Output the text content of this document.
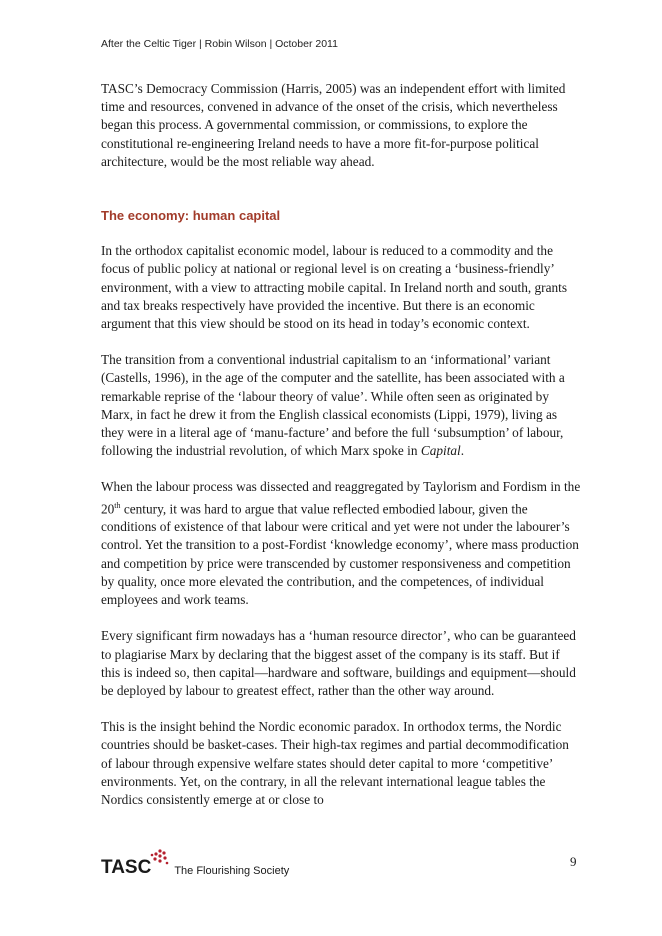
After the Celtic Tiger | Robin Wilson | October 2011

TASC’s Democracy Commission (Harris, 2005) was an independent effort with limited time and resources, convened in advance of the onset of the crisis, which nevertheless began this process. A governmental commission, or commissions, to explore the constitutional re-engineering Ireland needs to have a more fit-for-purpose political architecture, would be the most reliable way ahead.

The economy: human capital

In the orthodox capitalist economic model, labour is reduced to a commodity and the focus of public policy at national or regional level is on creating a ‘business-friendly’ environment, with a view to attracting mobile capital. In Ireland north and south, grants and tax breaks respectively have provided the incentive. But there is an economic argument that this view should be stood on its head in today’s economic context.

The transition from a conventional industrial capitalism to an ‘informational’ variant (Castells, 1996), in the age of the computer and the satellite, has been associated with a remarkable reprise of the ‘labour theory of value’. While often seen as originated by Marx, in fact he drew it from the English classical economists (Lippi, 1979), living as they were in a literal age of ‘manu-facture’ and before the full ‘subsumption’ of labour, following the industrial revolution, of which Marx spoke in Capital.

When the labour process was dissected and reaggregated by Taylorism and Fordism in the 20th century, it was hard to argue that value reflected embodied labour, given the conditions of existence of that labour were critical and yet were not under the labourer’s control. Yet the transition to a post-Fordist ‘knowledge economy’, where mass production and competition by price were transcended by customer responsiveness and competition by quality, once more elevated the contribution, and the competences, of individual employees and work teams.

Every significant firm nowadays has a ‘human resource director’, who can be guaranteed to plagiarise Marx by declaring that the biggest asset of the company is its staff. But if this is indeed so, then capital—hardware and software, buildings and equipment—should be deployed by labour to greatest effect, rather than the other way around.

This is the insight behind the Nordic economic paradox. In orthodox terms, the Nordic countries should be basket-cases. Their high-tax regimes and partial decommodification of labour through expensive welfare states should deter capital to more ‘competitive’ environments. Yet, on the contrary, in all the relevant international league tables the Nordics consistently emerge at or close to

TASC The Flourishing Society
9
